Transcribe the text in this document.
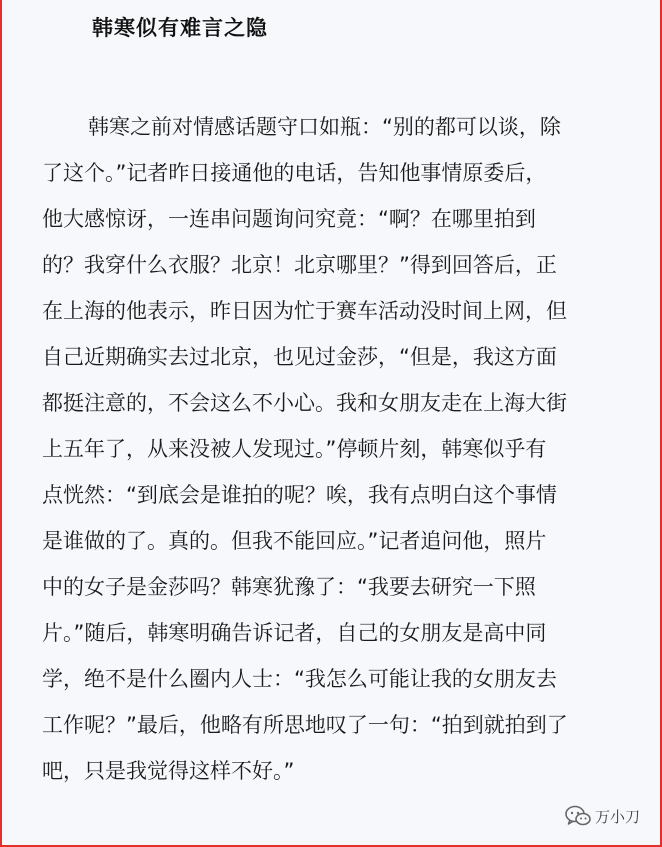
韩寒似有难言之隐
韩寒之前对情感话题守口如瓶：“别的都可以谈，除
了这个。”记者昨日接通他的电话，告知他事情原委后，
他大感惊讶，一连串问题询问究竟：“啊？在哪里拍到
的？我穿什么衣服？北京！北京哪里？”得到回答后，正
在上海的他表示，昨日因为忙于赛车活动没时间上网，但
自己近期确实去过北京，也见过金莎，“但是，我这方面
都挺注意的，不会这么不小心。我和女朋友走在上海大街
上五年了，从来没被人发现过。”停顿片刻，韩寒似乎有
点恍然：“到底会是谁拍的呢？唉，我有点明白这个事情
是谁做的了。真的。但我不能回应。”记者追问他，照片
中的女子是金莎吗？韩寒犹豫了：“我要去研究一下照
片。”随后，韩寒明确告诉记者，自己的女朋友是高中同
学，绝不是什么圈内人士：“我怎么可能让我的女朋友去
工作呢？”最后，他略有所思地叹了一句：“拍到就拍到了
吧，只是我觉得这样不好。”
万小刀
